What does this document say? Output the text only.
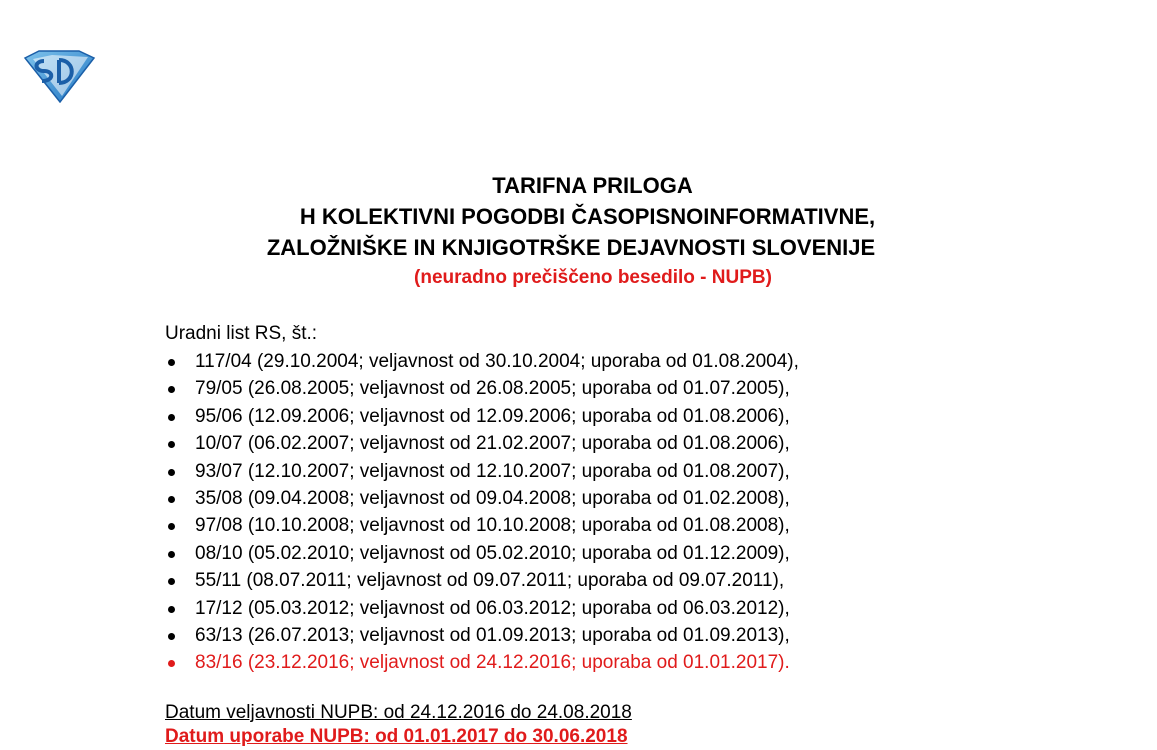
TARIFNA PRILOGA
H KOLEKTIVNI POGODBI ČASOPISNOINFORMATIVNE,
ZALOŽNIŠKE IN KNJIGOTRŠKE DEJAVNOSTI SLOVENIJE
(neuradno prečiščeno besedilo - NUPB)
Uradni list RS, št.:
117/04 (29.10.2004; veljavnost od 30.10.2004; uporaba od 01.08.2004),
79/05 (26.08.2005; veljavnost od 26.08.2005; uporaba od 01.07.2005),
95/06 (12.09.2006; veljavnost od 12.09.2006; uporaba od 01.08.2006),
10/07 (06.02.2007; veljavnost od 21.02.2007; uporaba od 01.08.2006),
93/07 (12.10.2007; veljavnost od 12.10.2007; uporaba od 01.08.2007),
35/08 (09.04.2008; veljavnost od 09.04.2008; uporaba od 01.02.2008),
97/08 (10.10.2008; veljavnost od 10.10.2008; uporaba od 01.08.2008),
08/10 (05.02.2010; veljavnost od 05.02.2010; uporaba od 01.12.2009),
55/11 (08.07.2011; veljavnost od 09.07.2011; uporaba od 09.07.2011),
17/12 (05.03.2012; veljavnost od 06.03.2012; uporaba od 06.03.2012),
63/13 (26.07.2013; veljavnost od 01.09.2013; uporaba od 01.09.2013),
83/16 (23.12.2016; veljavnost od 24.12.2016; uporaba od 01.01.2017).
Datum veljavnosti NUPB: od 24.12.2016 do 24.08.2018
Datum uporabe NUPB: od 01.01.2017 do 30.06.2018
